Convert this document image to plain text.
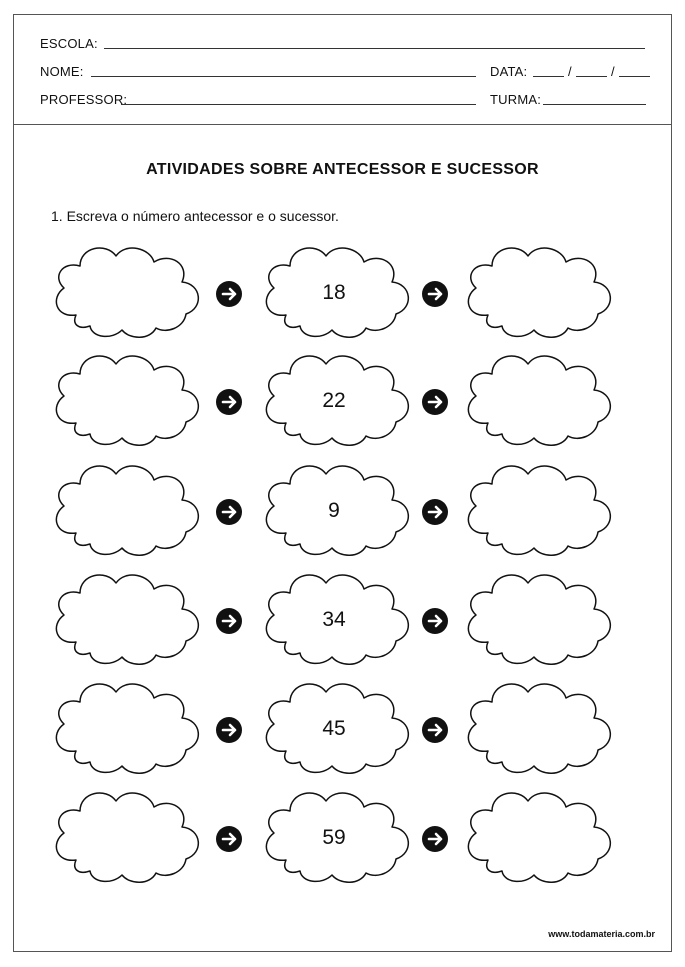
ESCOLA:
NOME:	DATA:	/	/
PROFESSOR:	TURMA:
ATIVIDADES SOBRE ANTECESSOR E SUCESSOR
1. Escreva o número antecessor e o sucessor.
www.todamateria.com.br
18
22
9
34
45
59
